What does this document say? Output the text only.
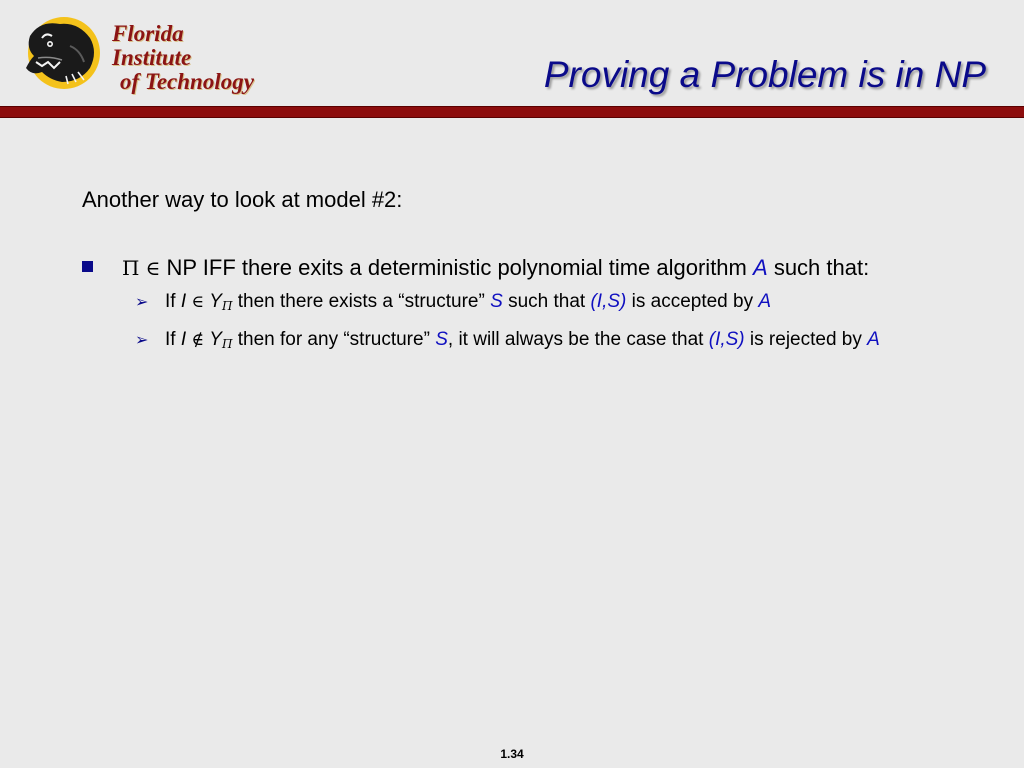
Florida Institute
of Technology	Proving a Problem is in NP

Another way to look at model #2:

Π ∈ NP IFF there exits a deterministic polynomial time algorithm A such that:
➢ If I ∈ YΠ then there exists a “structure” S such that (I,S) is accepted by A
➢ If I ∉ YΠ then for any “structure” S, it will always be the case that (I,S) is rejected by A
1.34
